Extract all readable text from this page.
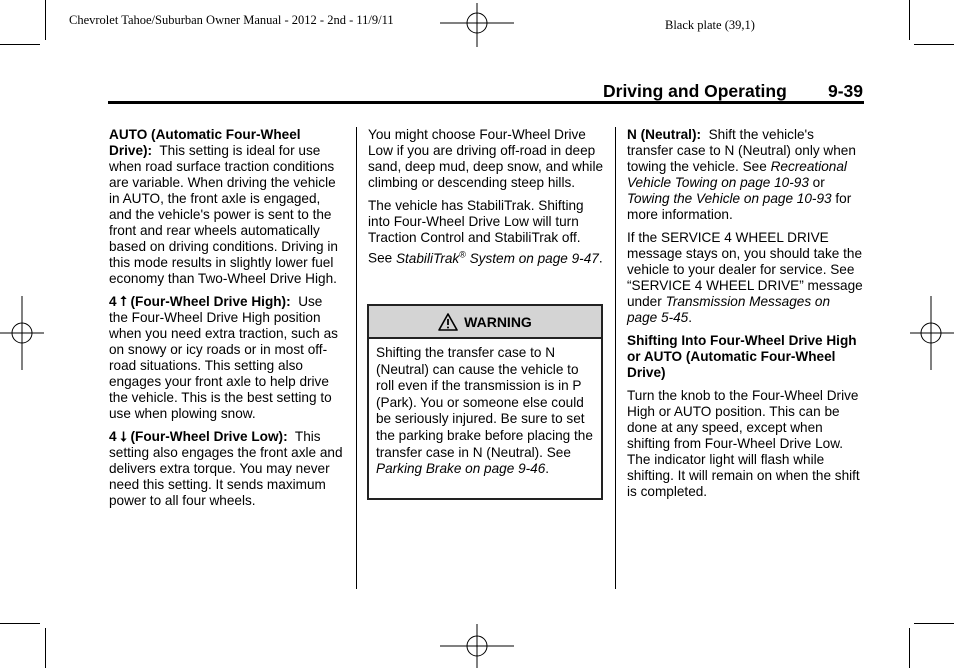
Chevrolet Tahoe/Suburban Owner Manual - 2012 - 2nd - 11/9/11	Black plate (39,1)
Driving and Operating 9-39

AUTO (Automatic Four-Wheel Drive): This setting is ideal for use when road surface traction conditions are variable. When driving the vehicle in AUTO, the front axle is engaged, and the vehicle's power is sent to the front and rear wheels automatically based on driving conditions. Driving in this mode results in slightly lower fuel economy than Two-Wheel Drive High.

4 ⭡ (Four-Wheel Drive High): Use the Four-Wheel Drive High position when you need extra traction, such as on snowy or icy roads or in most off-road situations. This setting also engages your front axle to help drive the vehicle. This is the best setting to use when plowing snow.

4 ⭣ (Four-Wheel Drive Low): This setting also engages the front axle and delivers extra torque. You may never need this setting. It sends maximum power to all four wheels.

You might choose Four-Wheel Drive Low if you are driving off-road in deep sand, deep mud, deep snow, and while climbing or descending steep hills.

The vehicle has StabiliTrak. Shifting into Four-Wheel Drive Low will turn Traction Control and StabiliTrak off. See StabiliTrak® System on page 9-47.

WARNING
Shifting the transfer case to N (Neutral) can cause the vehicle to roll even if the transmission is in P (Park). You or someone else could be seriously injured. Be sure to set the parking brake before placing the transfer case in N (Neutral). See Parking Brake on page 9-46.

N (Neutral): Shift the vehicle's transfer case to N (Neutral) only when towing the vehicle. See Recreational Vehicle Towing on page 10-93 or Towing the Vehicle on page 10-93 for more information.

If the SERVICE 4 WHEEL DRIVE message stays on, you should take the vehicle to your dealer for service. See “SERVICE 4 WHEEL DRIVE” message under Transmission Messages on page 5-45.

Shifting Into Four-Wheel Drive High or AUTO (Automatic Four-Wheel Drive)

Turn the knob to the Four-Wheel Drive High or AUTO position. This can be done at any speed, except when shifting from Four-Wheel Drive Low. The indicator light will flash while shifting. It will remain on when the shift is completed.
